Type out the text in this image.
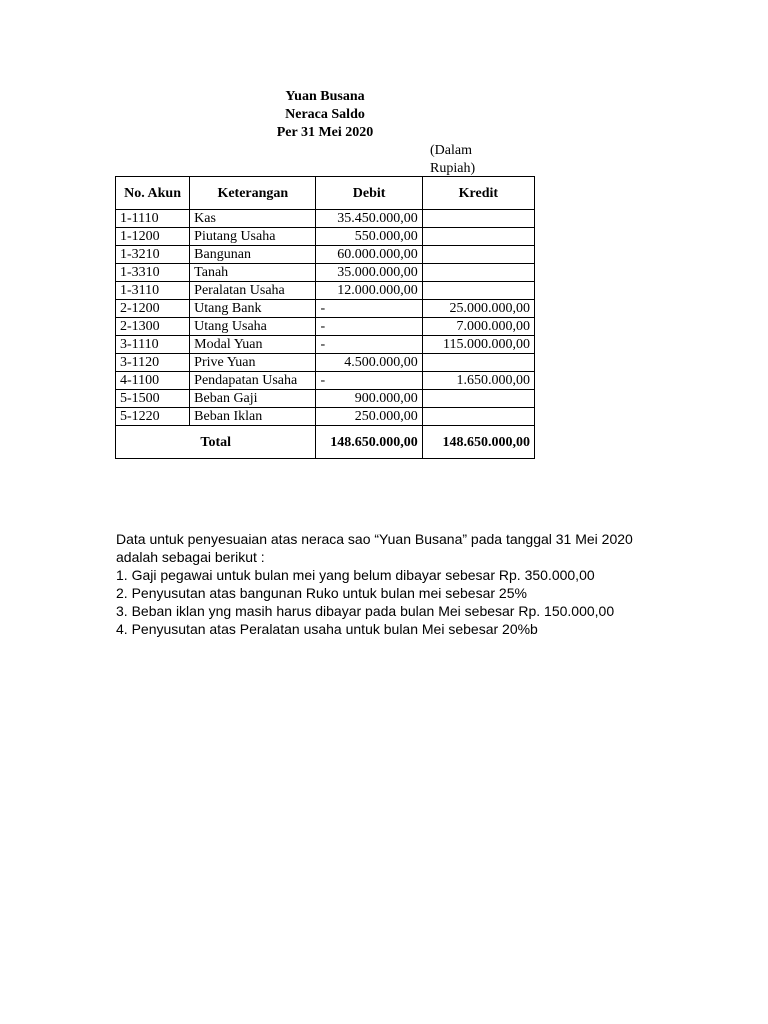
Yuan Busana
Neraca Saldo
Per 31 Mei 2020
(Dalam
Rupiah)
No. Akun	Keterangan	Debit	Kredit
1-1110	Kas	35.450.000,00	
1-1200	Piutang Usaha	550.000,00	
1-3210	Bangunan	60.000.000,00	
1-3310	Tanah	35.000.000,00	
1-3110	Peralatan Usaha	12.000.000,00	
2-1200	Utang Bank	-	25.000.000,00
2-1300	Utang Usaha	-	7.000.000,00
3-1110	Modal Yuan	-	115.000.000,00
3-1120	Prive Yuan	4.500.000,00	
4-1100	Pendapatan Usaha	-	1.650.000,00
5-1500	Beban Gaji	900.000,00	
5-1220	Beban Iklan	250.000,00	
Total		148.650.000,00	148.650.000,00

Data untuk penyesuaian atas neraca sao “Yuan Busana” pada tanggal 31 Mei 2020 adalah sebagai berikut :

1. Gaji pegawai untuk bulan mei yang belum dibayar sebesar Rp. 350.000,00

2. Penyusutan atas bangunan Ruko untuk bulan mei sebesar 25%

3. Beban iklan yng masih harus dibayar pada bulan Mei sebesar Rp. 150.000,00

4. Penyusutan atas Peralatan usaha untuk bulan Mei sebesar 20%b
